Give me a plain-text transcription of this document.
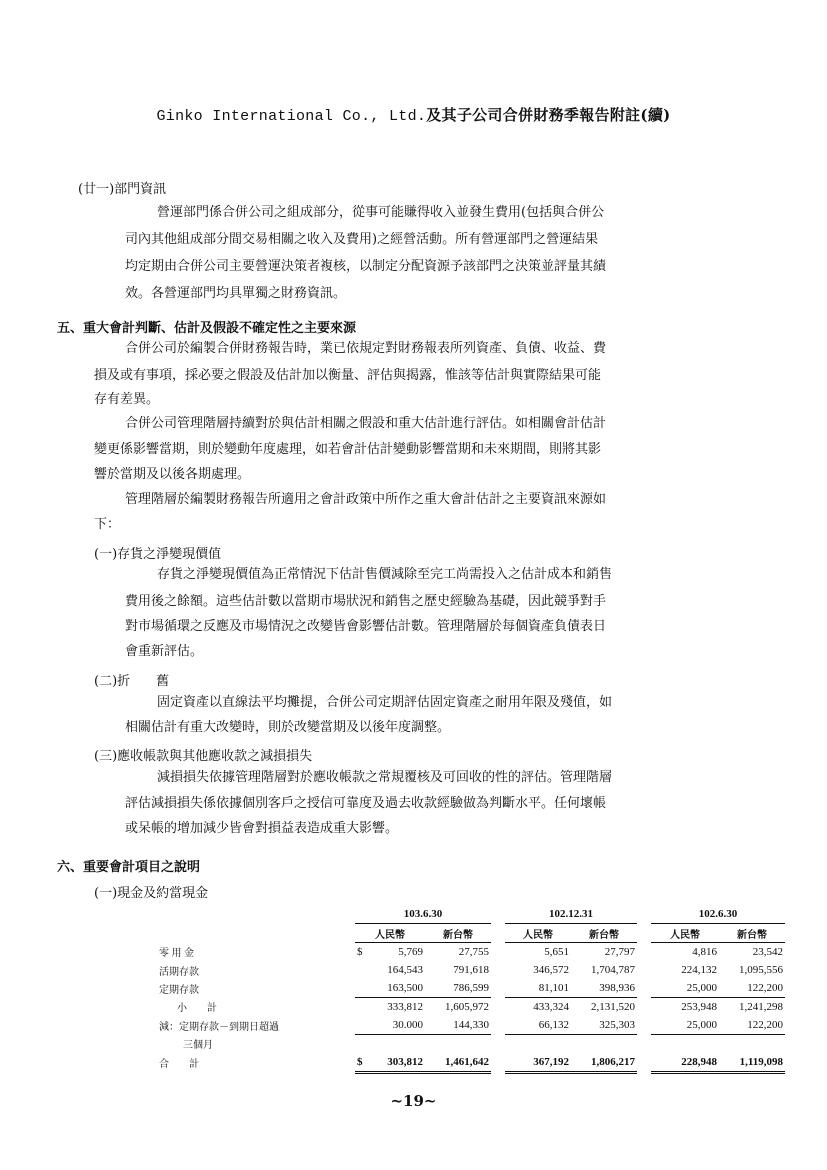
Ginko International Co., Ltd.及其子公司合併財務季報告附註(續)
(廿一)部門資訊
營運部門係合併公司之組成部分，從事可能賺得收入並發生費用(包括與合併公
司內其他組成部分間交易相關之收入及費用)之經營活動。所有營運部門之營運結果
均定期由合併公司主要營運決策者複核，以制定分配資源予該部門之決策並評量其績
效。各營運部門均具單獨之財務資訊。
五、重大會計判斷、估計及假設不確定性之主要來源
合併公司於編製合併財務報告時，業已依規定對財務報表所列資產、負債、收益、費
損及或有事項，採必要之假設及估計加以衡量、評估與揭露，惟該等估計與實際結果可能
存有差異。
合併公司管理階層持續對於與估計相關之假設和重大估計進行評估。如相關會計估計
變更係影響當期，則於變動年度處理，如若會計估計變動影響當期和未來期間，則將其影
響於當期及以後各期處理。
管理階層於編製財務報告所適用之會計政策中所作之重大會計估計之主要資訊來源如
下：
(一)存貨之淨變現價值
存貨之淨變現價值為正常情況下估計售價減除至完工尚需投入之估計成本和銷售
費用後之餘額。這些估計數以當期市場狀況和銷售之歷史經驗為基礎，因此競爭對手
對市場循環之反應及市場情況之改變皆會影響估計數。管理階層於每個資產負債表日
會重新評估。
(二)折　　舊
固定資產以直線法平均攤提，合併公司定期評估固定資產之耐用年限及殘值，如
相關估計有重大改變時，則於改變當期及以後年度調整。
(三)應收帳款與其他應收款之減損損失
減損損失依據管理階層對於應收帳款之常規覆核及可回收的性的評估。管理階層
評估減損損失係依據個別客戶之授信可靠度及過去收款經驗做為判斷水平。任何壞帳
或呆帳的增加減少皆會對損益表造成重大影響。
六、重要會計項目之說明
(一)現金及約當現金
	103.6.30				102.12.31			102.6.30	
	人民幣		新台幣		人民幣	新台幣		人民幣	新台幣
零 用 金	$	5,769	27,755		5,651	27,797		4,816	23,542
活期存款		164,543	791,618		346,572	1,704,787		224,132	1,095,556
定期存款		163,500	786,599		81,101	398,936		25,000	122,200
小　　計		333,812	1,605,972		433,324	2,131,520		253,948	1,241,298
減：定期存款－到期日超過		30.000	144,330		66,132	325,303		25,000	122,200
三個月									
合　　計	$	303,812	1,461,642		367,192	1,806,217		228,948	1,119,098
~19~
